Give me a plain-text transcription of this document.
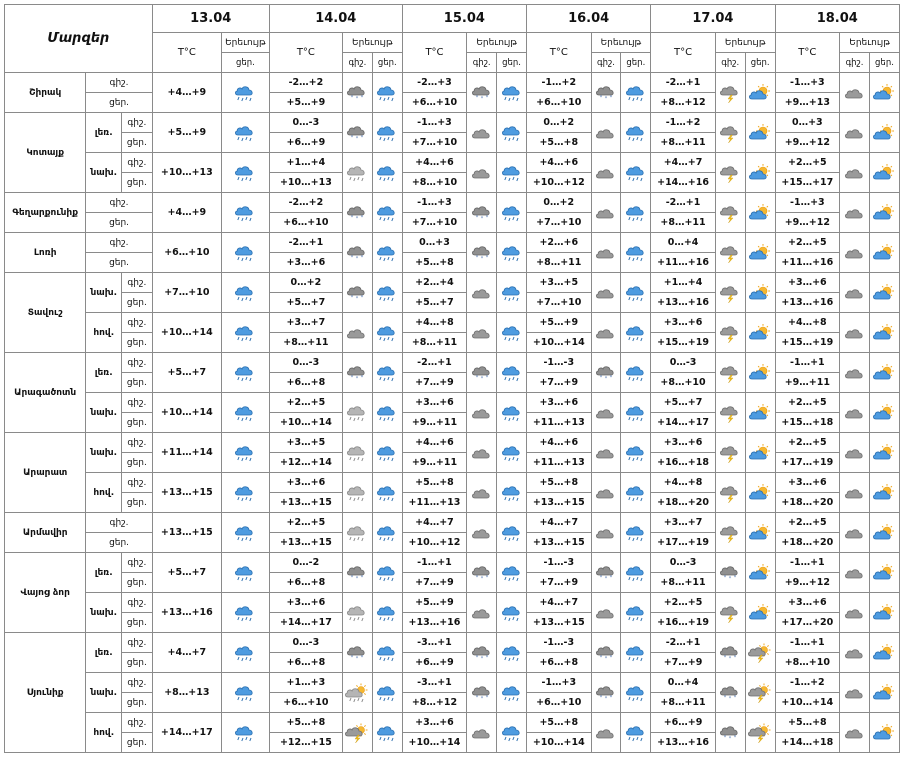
Մարզեր			13.04		14.04			15.04			16.04			17.04			18.04		
			T°C	Երեւույթ	T°C	Երեւույթ		T°C	Երեւույթ		T°C	Երեւույթ		T°C	Երեւույթ		T°C	Երեւույթ	
				ցեր.		գիշ.	ցեր.		գիշ.	ցեր.		գիշ.	ցեր.		գիշ.	ցեր.		գիշ.	ցեր.
Շիրակ	գիշ.		+4…+9		-2…+2	* * *		-2…+3	* * *		-1…+2	* * *		-2…+1			-1…+3	

	ցեր.				+5…+9			+6…+10			+6…+10			+8…+12			+9…+13		
Կոտայք	լեռ.	գիշ.	+5…+9		0…-3	* * *		-1…+3			0…+2			-1…+2			0…+3	

		ցեր.			+6…+9			+7…+10			+5…+8			+8…+11			+9…+12		
	նախ.	գիշ.	+10…+13		+1…+4			+4…+6			+4…+6			+4…+7			+2…+5	

		ցեր.			+10…+13			+8…+10			+10…+12			+14…+16			+15…+17		
Գեղարքունիք	գիշ.		+4…+9		-2…+2	* * *		-1…+3	* * *		0…+2			-2…+1			-1…+3	

	ցեր.				+6…+10			+7…+10			+7…+10			+8…+11			+9…+12		
Լոռի	գիշ.		+6…+10		-2…+1	* * *		0…+3	* * *		+2…+6			0…+4			+2…+5	

	ցեր.				+3…+6			+5…+8			+8…+11			+11…+16			+11…+16		
Տավուշ	նախ.	գիշ.	+7…+10		0…+2	* * *		+2…+4			+3…+5			+1…+4			+3…+6	

		ցեր.			+5…+7			+5…+7			+7…+10			+13…+16			+13…+16		
	հով.	գիշ.	+10…+14		+3…+7			+4…+8			+5…+9			+3…+6			+4…+8	

		ցեր.			+8…+11			+8…+11			+10…+14			+15…+19			+15…+19		
Արագածոտն	լեռ.	գիշ.	+5…+7		0…-3	* * *		-2…+1	* * *		-1…-3	* * *		0…-3			-1…+1	

		ցեր.			+6…+8			+7…+9			+7…+9			+8…+10			+9…+11		
	նախ.	գիշ.	+10…+14		+2…+5			+3…+6			+3…+6			+5…+7			+2…+5	

		ցեր.			+10…+14			+9…+11			+11…+13			+14…+17			+15…+18		
Արարատ	նախ.	գիշ.	+11…+14		+3…+5			+4…+6			+4…+6			+3…+6			+2…+5	

		ցեր.			+12…+14			+9…+11			+11…+13			+16…+18			+17…+19		
	հով.	գիշ.	+13…+15		+3…+6			+5…+8			+5…+8			+4…+8			+3…+6	

		ցեր.			+13…+15			+11…+13			+13…+15			+18…+20			+18…+20		
Արմավիր	գիշ.		+13…+15		+2…+5			+4…+7			+4…+7			+3…+7			+2…+5	

	ցեր.				+13…+15			+10…+12			+13…+15			+17…+19			+18…+20		
Վայոց ձոր	լեռ.	գիշ.	+5…+7		0…-2	* * *		-1…+1	* * *		-1…-3	* * *		0…-3	* * *		-1…+1	

		ցեր.			+6…+8			+7…+9			+7…+9			+8…+11			+9…+12		
	նախ.	գիշ.	+13…+16		+3…+6			+5…+9			+4…+7			+2…+5			+3…+6	

		ցեր.			+14…+17			+13…+16			+13…+15			+16…+19			+17…+20		
Սյունիք	լեռ.	գիշ.	+4…+7		0…-3	* * *		-3…+1	* * *		-1…-3	* * *		-2…+1	* * *		-1…+1	

		ցեր.			+6…+8			+6…+9			+6…+8			+7…+9			+8…+10		
	նախ.	գիշ.	+8…+13		+1…+3			-3…+1	* * *		-1…+3	* * *		0…+4	* * *		-1…+2	

		ցեր.			+6…+10			+8…+12			+6…+10			+8…+11			+10…+14		
	հով.	գիշ.	+14…+17		+5…+8			+3…+6			+5…+8			+6…+9	* * *		+5…+8	

		ցեր.			+12…+15			+10…+14			+10…+14			+13…+16			+14…+18		
